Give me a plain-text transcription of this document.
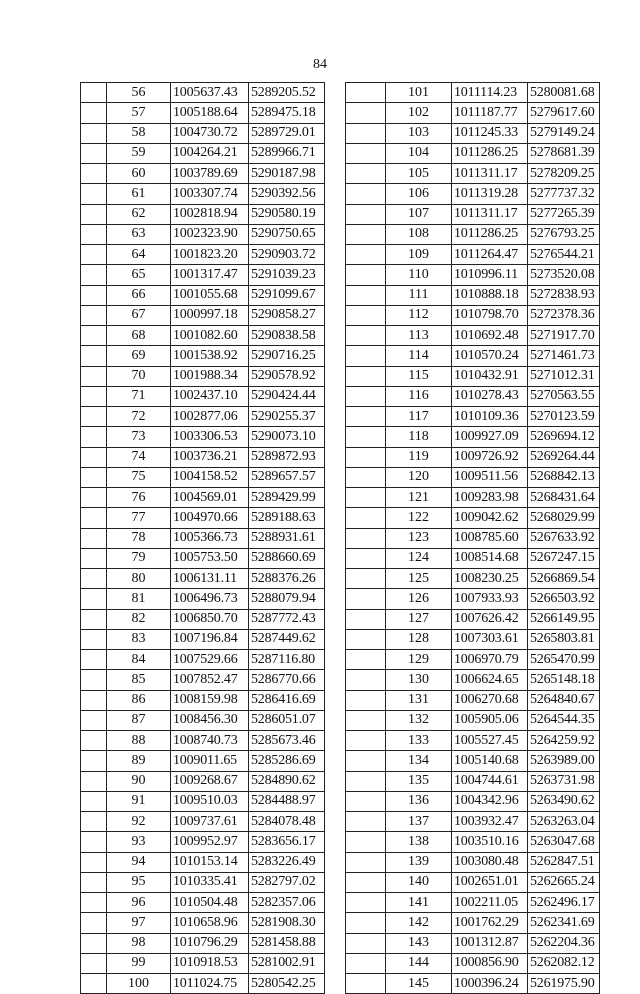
84
	56	1005637.43	5289205.52
	57	1005188.64	5289475.18
	58	1004730.72	5289729.01
	59	1004264.21	5289966.71
	60	1003789.69	5290187.98
	61	1003307.74	5290392.56
	62	1002818.94	5290580.19
	63	1002323.90	5290750.65
	64	1001823.20	5290903.72
	65	1001317.47	5291039.23
	66	1001055.68	5291099.67
	67	1000997.18	5290858.27
	68	1001082.60	5290838.58
	69	1001538.92	5290716.25
	70	1001988.34	5290578.92
	71	1002437.10	5290424.44
	72	1002877.06	5290255.37
	73	1003306.53	5290073.10
	74	1003736.21	5289872.93
	75	1004158.52	5289657.57
	76	1004569.01	5289429.99
	77	1004970.66	5289188.63
	78	1005366.73	5288931.61
	79	1005753.50	5288660.69
	80	1006131.11	5288376.26
	81	1006496.73	5288079.94
	82	1006850.70	5287772.43
	83	1007196.84	5287449.62
	84	1007529.66	5287116.80
	85	1007852.47	5286770.66
	86	1008159.98	5286416.69
	87	1008456.30	5286051.07
	88	1008740.73	5285673.46
	89	1009011.65	5285286.69
	90	1009268.67	5284890.62
	91	1009510.03	5284488.97
	92	1009737.61	5284078.48
	93	1009952.97	5283656.17
	94	1010153.14	5283226.49
	95	1010335.41	5282797.02
	96	1010504.48	5282357.06
	97	1010658.96	5281908.30
	98	1010796.29	5281458.88
	99	1010918.53	5281002.91
	100	1011024.75	5280542.25
	101	1011114.23	5280081.68
	102	1011187.77	5279617.60
	103	1011245.33	5279149.24
	104	1011286.25	5278681.39
	105	1011311.17	5278209.25
	106	1011319.28	5277737.32
	107	1011311.17	5277265.39
	108	1011286.25	5276793.25
	109	1011264.47	5276544.21
	110	1010996.11	5273520.08
	111	1010888.18	5272838.93
	112	1010798.70	5272378.36
	113	1010692.48	5271917.70
	114	1010570.24	5271461.73
	115	1010432.91	5271012.31
	116	1010278.43	5270563.55
	117	1010109.36	5270123.59
	118	1009927.09	5269694.12
	119	1009726.92	5269264.44
	120	1009511.56	5268842.13
	121	1009283.98	5268431.64
	122	1009042.62	5268029.99
	123	1008785.60	5267633.92
	124	1008514.68	5267247.15
	125	1008230.25	5266869.54
	126	1007933.93	5266503.92
	127	1007626.42	5266149.95
	128	1007303.61	5265803.81
	129	1006970.79	5265470.99
	130	1006624.65	5265148.18
	131	1006270.68	5264840.67
	132	1005905.06	5264544.35
	133	1005527.45	5264259.92
	134	1005140.68	5263989.00
	135	1004744.61	5263731.98
	136	1004342.96	5263490.62
	137	1003932.47	5263263.04
	138	1003510.16	5263047.68
	139	1003080.48	5262847.51
	140	1002651.01	5262665.24
	141	1002211.05	5262496.17
	142	1001762.29	5262341.69
	143	1001312.87	5262204.36
	144	1000856.90	5262082.12
	145	1000396.24	5261975.90
